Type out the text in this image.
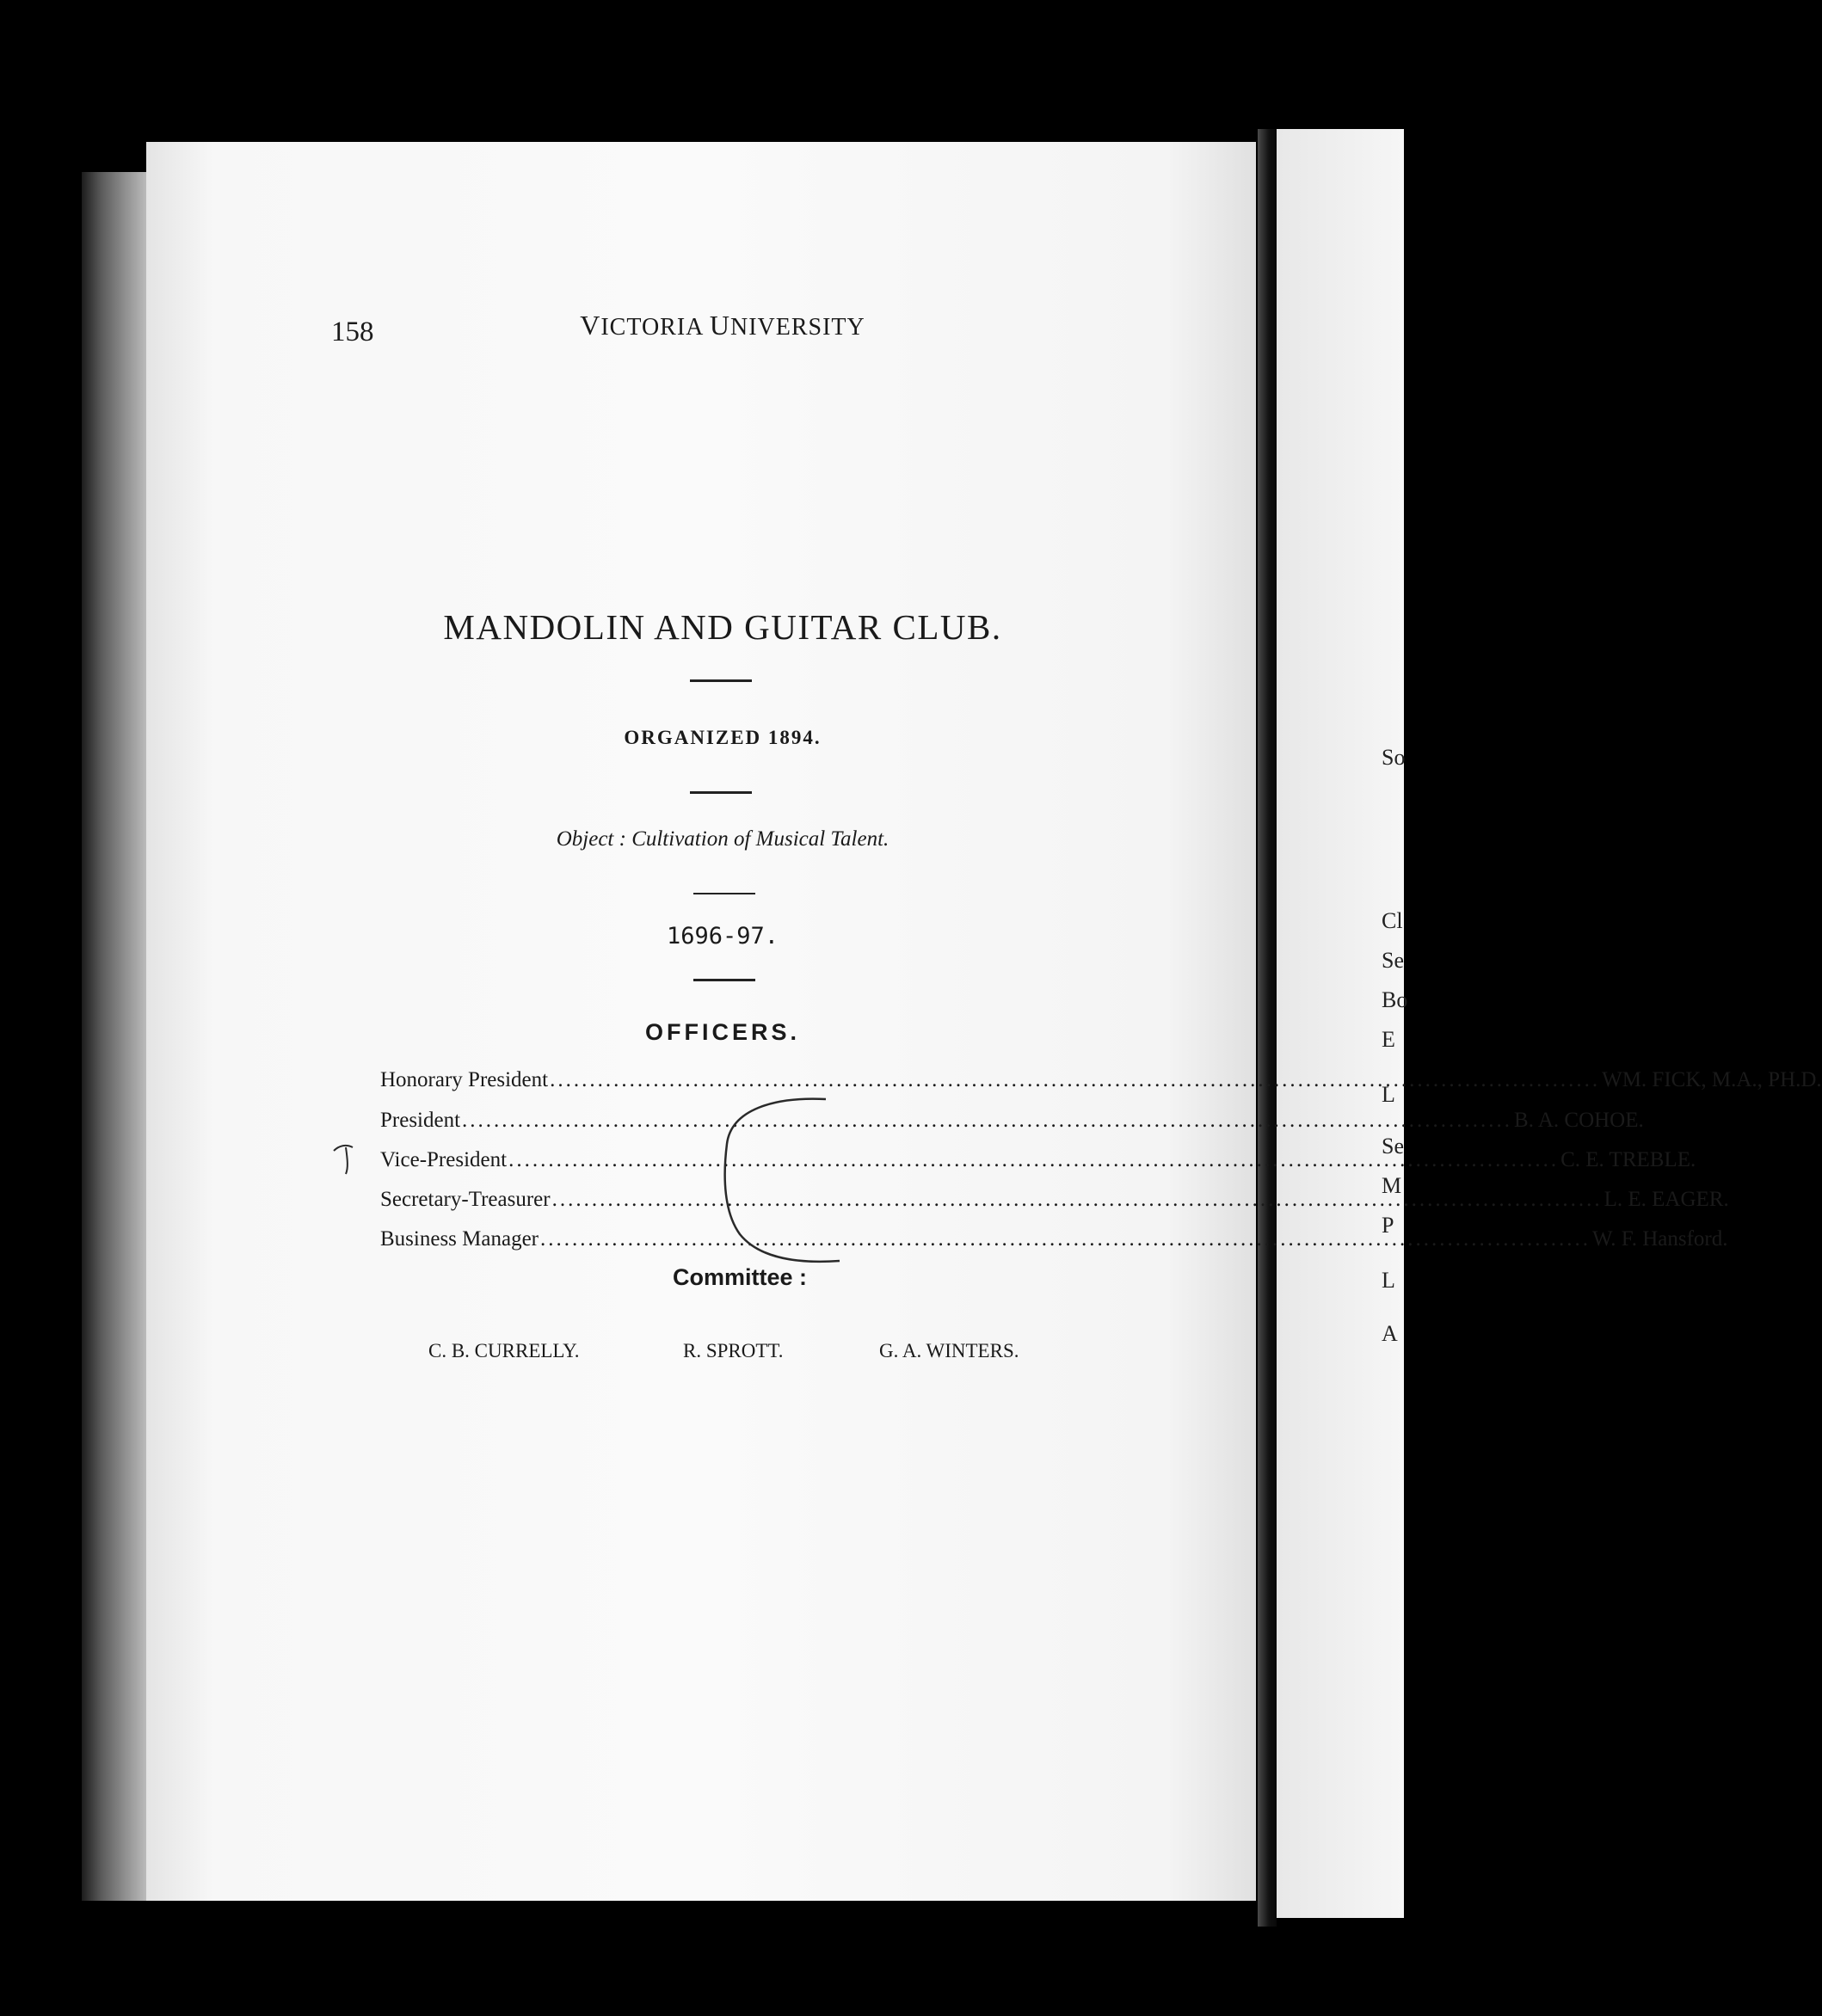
So
Cl
Se
Bo
E
L
Se
M
P
L
A
158	VICTORIA UNIVERSITY
MANDOLIN AND GUITAR CLUB.
ORGANIZED 1894.
Object : Cultivation of Musical Talent.
1696-97.
OFFICERS.
Honorary President .....	WM. FICK, M.A., PH.D.
President .....	B. A. COHOE.
Vice-President .....	C. E. TREBLE.
Secretary-Treasurer .....	L. E. EAGER.
Business Manager .....	W. F. Hansford.
Committee :
C. B. CURRELLY.	R. SPROTT.	G. A. WINTERS.
